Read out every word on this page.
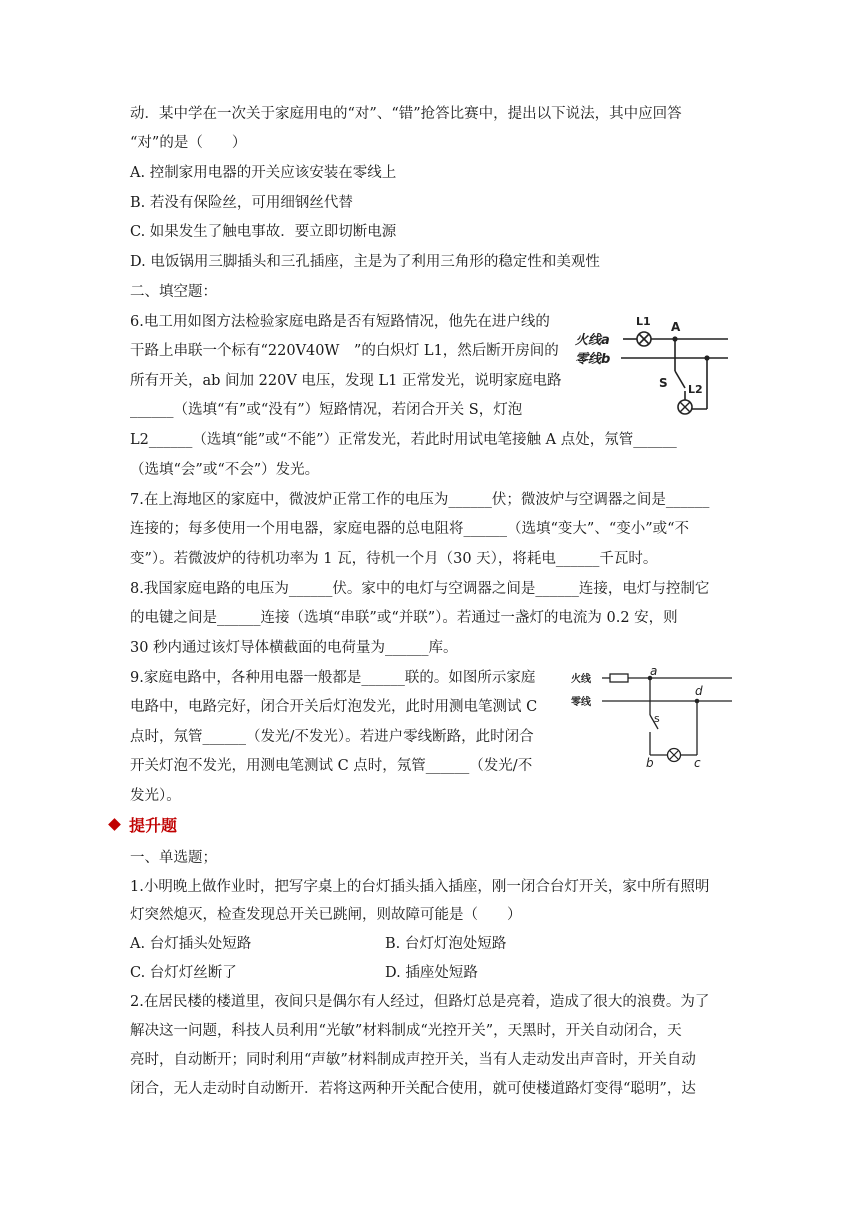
动．某中学在一次关于家庭用电的“对”、“错”抢答比赛中，提出以下说法，其中应回答
“对”的是（　　）
A. 控制家用电器的开关应该安装在零线上
B. 若没有保险丝，可用细钢丝代替
C. 如果发生了触电事故．要立即切断电源
D. 电饭锅用三脚插头和三孔插座，主是为了利用三角形的稳定性和美观性
二、填空题：
6.电工用如图方法检验家庭电路是否有短路情况，他先在进户线的
干路上串联一个标有“220V40W　”的白炽灯 L1，然后断开房间的
所有开关，ab 间加 220V 电压，发现 L1 正常发光，说明家庭电路
______（选填“有”或“没有”）短路情况，若闭合开关 S，灯泡
L2______（选填“能”或“不能”）正常发光，若此时用试电笔接触 A 点处，氖管______
（选填“会”或“不会”）发光。
火线a
零线b
L1 A
S L2
7.在上海地区的家庭中，微波炉正常工作的电压为______伏；微波炉与空调器之间是______
连接的；每多使用一个用电器，家庭电器的总电阻将______（选填“变大”、“变小”或“不
变”）。若微波炉的待机功率为 1 瓦，待机一个月（30 天），将耗电______千瓦时。
8.我国家庭电路的电压为______伏。家中的电灯与空调器之间是______连接，电灯与控制它
的电键之间是______连接（选填“串联”或“并联”）。若通过一盏灯的电流为 0.2 安，则
30 秒内通过该灯导体横截面的电荷量为______库。
9.家庭电路中，各种用电器一般都是______联的。如图所示家庭
电路中，电路完好，闭合开关后灯泡发光，此时用测电笔测试 C
点时，氖管______（发光/不发光）。若进户零线断路，此时闭合
开关灯泡不发光，用测电笔测试 C 点时，氖管______（发光/不
发光）。
火线
零线
a
d
s
b	c
提升题
一、单选题；
1.小明晚上做作业时，把写字桌上的台灯插头插入插座，刚一闭合台灯开关，家中所有照明
灯突然熄灭，检查发现总开关已跳闸，则故障可能是（　　）
A. 台灯插头处短路	B. 台灯灯泡处短路
C. 台灯灯丝断了	D. 插座处短路
2.在居民楼的楼道里，夜间只是偶尔有人经过，但路灯总是亮着，造成了很大的浪费。为了
解决这一问题，科技人员利用“光敏”材料制成“光控开关”，天黑时，开关自动闭合，天
亮时，自动断开；同时利用“声敏”材料制成声控开关，当有人走动发出声音时，开关自动
闭合，无人走动时自动断开．若将这两种开关配合使用，就可使楼道路灯变得“聪明”，达
